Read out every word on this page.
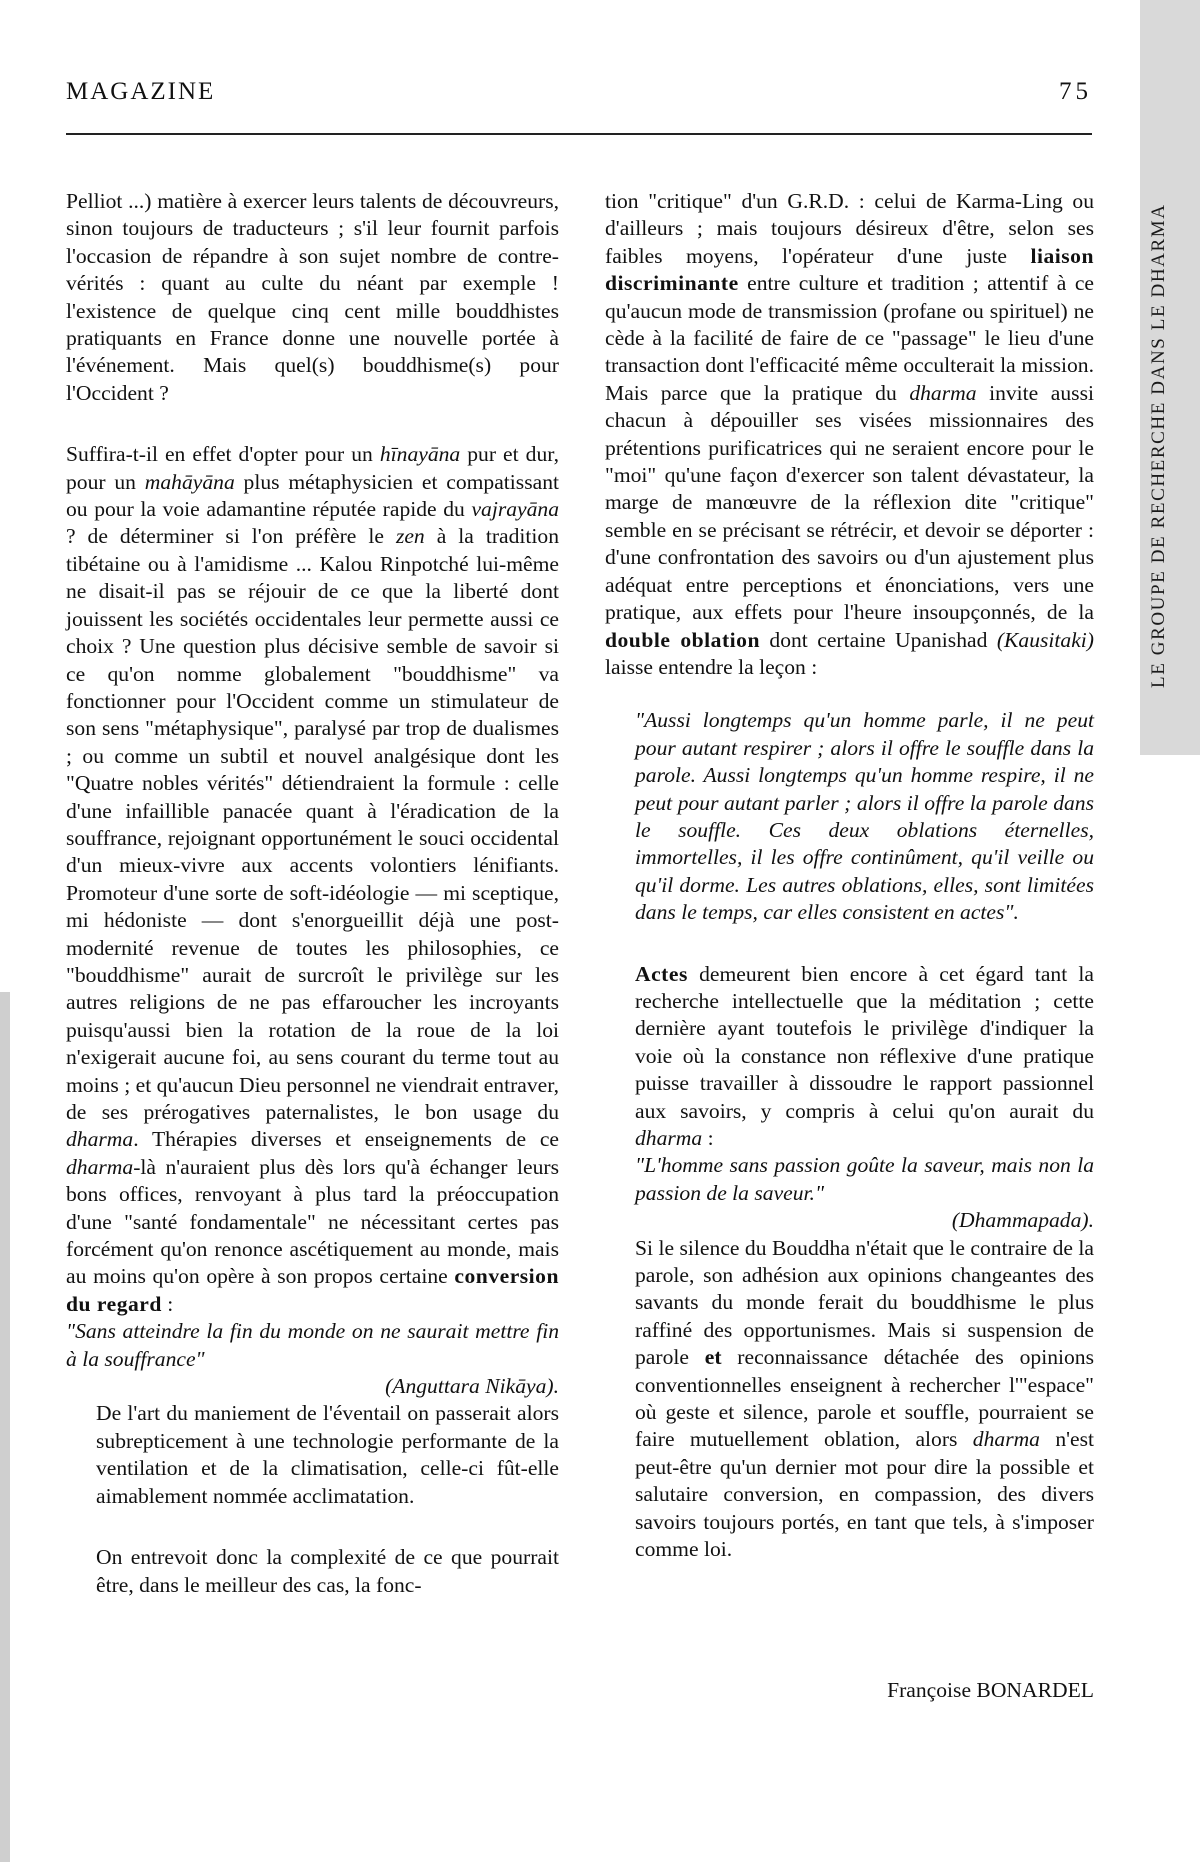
LE GROUPE DE RECHERCHE DANS LE DHARMA
MAGAZINE	75

Pelliot ...) matière à exercer leurs talents de découvreurs, sinon toujours de traducteurs ; s'il leur fournit parfois l'occasion de répandre à son sujet nombre de contre-vérités : quant au culte du néant par exemple ! l'existence de quelque cinq cent mille bouddhistes pratiquants en France donne une nouvelle portée à l'événement. Mais quel(s) bouddhisme(s) pour l'Occident ?

Suffira-t-il en effet d'opter pour un hīnayāna pur et dur, pour un mahāyāna plus métaphysicien et compatissant ou pour la voie adamantine réputée rapide du vajrayāna ? de déterminer si l'on préfère le zen à la tradition tibétaine ou à l'amidisme ... Kalou Rinpotché lui-même ne disait-il pas se réjouir de ce que la liberté dont jouissent les sociétés occidentales leur permette aussi ce choix ? Une question plus décisive semble de savoir si ce qu'on nomme globalement "bouddhisme" va fonctionner pour l'Occident comme un stimulateur de son sens "métaphysique", paralysé par trop de dualismes ; ou comme un subtil et nouvel analgésique dont les "Quatre nobles vérités" détiendraient la formule : celle d'une infaillible panacée quant à l'éradication de la souffrance, rejoignant opportunément le souci occidental d'un mieux-vivre aux accents volontiers lénifiants. Promoteur d'une sorte de soft-idéologie — mi sceptique, mi hédoniste — dont s'enorgueillit déjà une post-modernité revenue de toutes les philosophies, ce "bouddhisme" aurait de surcroît le privilège sur les autres religions de ne pas effaroucher les incroyants puisqu'aussi bien la rotation de la roue de la loi n'exigerait aucune foi, au sens courant du terme tout au moins ; et qu'aucun Dieu personnel ne viendrait entraver, de ses prérogatives paternalistes, le bon usage du dharma. Thérapies diverses et enseignements de ce dharma-là n'auraient plus dès lors qu'à échanger leurs bons offices, renvoyant à plus tard la préoccupation d'une "santé fondamentale" ne nécessitant certes pas forcément qu'on renonce ascétiquement au monde, mais au moins qu'on opère à son propos certaine conversion du regard :

"Sans atteindre la fin du monde on ne saurait mettre fin à la souffrance"

(Anguttara Nikāya).

De l'art du maniement de l'éventail on passerait alors subrepticement à une technologie performante de la ventilation et de la climatisation, celle-ci fût-elle aimablement nommée acclimatation.

On entrevoit donc la complexité de ce que pourrait être, dans le meilleur des cas, la fonc-

tion "critique" d'un G.R.D. : celui de Karma-Ling ou d'ailleurs ; mais toujours désireux d'être, selon ses faibles moyens, l'opérateur d'une juste liaison discriminante entre culture et tradition ; attentif à ce qu'aucun mode de transmission (profane ou spirituel) ne cède à la facilité de faire de ce "passage" le lieu d'une transaction dont l'efficacité même occulterait la mission. Mais parce que la pratique du dharma invite aussi chacun à dépouiller ses visées missionnaires des prétentions purificatrices qui ne seraient encore pour le "moi" qu'une façon d'exercer son talent dévastateur, la marge de manœuvre de la réflexion dite "critique" semble en se précisant se rétrécir, et devoir se déporter : d'une confrontation des savoirs ou d'un ajustement plus adéquat entre perceptions et énonciations, vers une pratique, aux effets pour l'heure insoupçonnés, de la double oblation dont certaine Upanishad (Kausitaki) laisse entendre la leçon :

"Aussi longtemps qu'un homme parle, il ne peut pour autant respirer ; alors il offre le souffle dans la parole. Aussi longtemps qu'un homme respire, il ne peut pour autant parler ; alors il offre la parole dans le souffle. Ces deux oblations éternelles, immortelles, il les offre continûment, qu'il veille ou qu'il dorme. Les autres oblations, elles, sont limitées dans le temps, car elles consistent en actes".

Actes demeurent bien encore à cet égard tant la recherche intellectuelle que la méditation ; cette dernière ayant toutefois le privilège d'indiquer la voie où la constance non réflexive d'une pratique puisse travailler à dissoudre le rapport passionnel aux savoirs, y compris à celui qu'on aurait du dharma :

"L'homme sans passion goûte la saveur, mais non la passion de la saveur."

(Dhammapada).

Si le silence du Bouddha n'était que le contraire de la parole, son adhésion aux opinions changeantes des savants du monde ferait du bouddhisme le plus raffiné des opportunismes. Mais si suspension de parole et reconnaissance détachée des opinions conventionnelles enseignent à rechercher l'"espace" où geste et silence, parole et souffle, pourraient se faire mutuellement oblation, alors dharma n'est peut-être qu'un dernier mot pour dire la possible et salutaire conversion, en compassion, des divers savoirs toujours portés, en tant que tels, à s'imposer comme loi.

Françoise BONARDEL
